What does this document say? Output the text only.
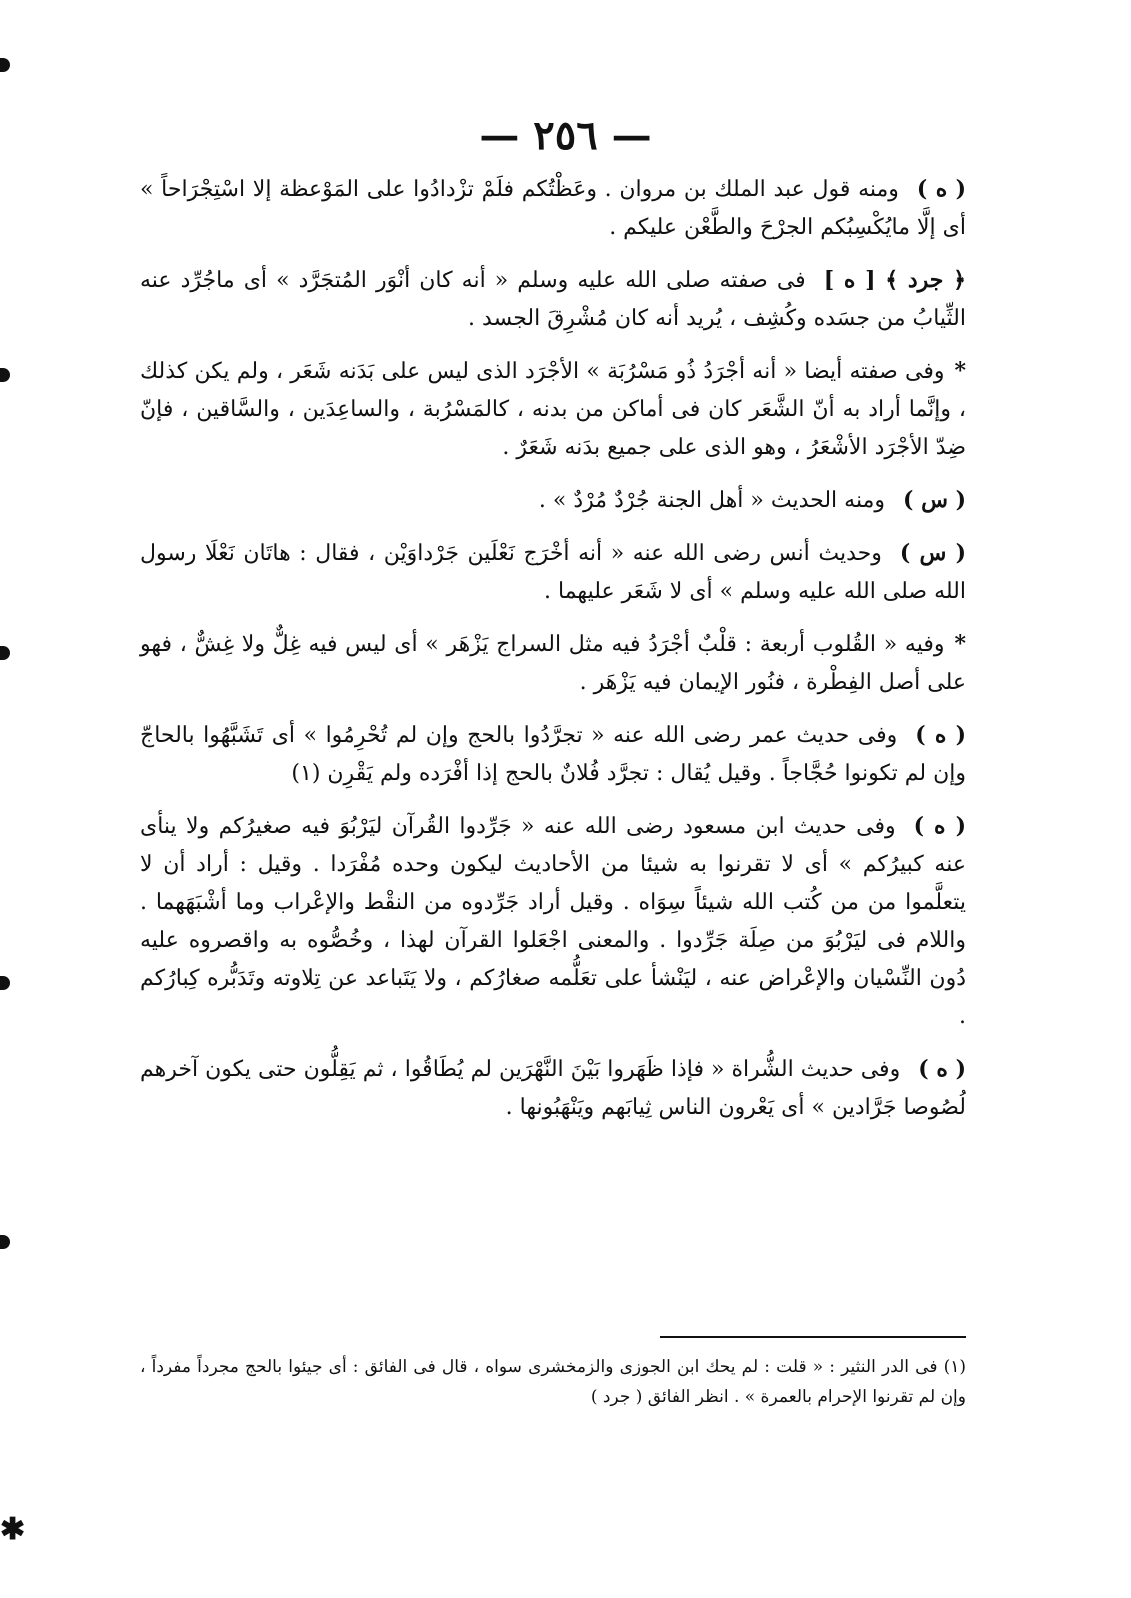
— ٢٥٦ —

( ه )ومنه قول عبد الملك بن مروان . وعَظْتُكم فلَمْ تزْدادُوا على المَوْعظة إلا اسْتِجْرَاحاً » أى إلَّا مايُكْسِبُكم الجرْحَ والطَّعْن عليكم .

﴿ جرد ﴾ [ ه ]فى صفته صلى الله عليه وسلم « أنه كان أنْوَر المُتجَرَّد » أى ماجُرِّد عنه الثِّيابُ من جسَده وكُشِف ، يُريد أنه كان مُشْرِقَ الجسد .

*وفى صفته أيضا « أنه أجْرَدُ ذُو مَسْرُبَة » الأجْرَد الذى ليس على بَدَنه شَعَر ، ولم يكن كذلك ، وإنَّما أراد به أنّ الشَّعَر كان فى أماكن من بدنه ، كالمَسْرُبة ، والساعِدَين ، والسَّاقين ، فإنّ ضِدّ الأجْرَد الأشْعَرُ ، وهو الذى على جميع بدَنه شَعَرٌ .

( س )ومنه الحديث « أهل الجنة جُرْدٌ مُرْدٌ » .

( س )وحديث أنس رضى الله عنه « أنه أخْرَج نَعْلَين جَرْداوَيْن ، فقال : هاتَان نَعْلَا رسول الله صلى الله عليه وسلم » أى لا شَعَر عليهما .

*وفيه « القُلوب أربعة : قلْبٌ أجْرَدُ فيه مثل السراج يَزْهَر » أى ليس فيه غِلٌّ ولا غِشٌّ ، فهو على أصل الفِطْرة ، فنُور الإيمان فيه يَزْهَر .

( ه )وفى حديث عمر رضى الله عنه « تجرَّدُوا بالحج وإن لم تُحْرِمُوا » أى تَشَبَّهُوا بالحاجّ وإن لم تكونوا حُجَّاجاً . وقيل يُقال : تجرَّد فُلانٌ بالحج إذا أفْرَده ولم يَقْرِن (١)

( ه )وفى حديث ابن مسعود رضى الله عنه « جَرِّدوا القُرآن ليَرْبُوَ فيه صغيرُكم ولا ينأى عنه كبيرُكم » أى لا تقرنوا به شيئا من الأحاديث ليكون وحده مُفْرَدا . وقيل : أراد أن لا يتعلَّموا من من كُتب الله شيئاً سِوَاه . وقيل أراد جَرِّدوه من النقْط والإعْراب وما أشْبَهَهما . واللام فى ليَرْبُوَ من صِلَة جَرِّدوا . والمعنى اجْعَلوا القرآن لهذا ، وخُصُّوه به واقصروه عليه دُون النِّسْيان والإعْراض عنه ، ليَنْشأ على تعَلُّمه صغارُكم ، ولا يَتَباعد عن تِلاوته وتَدَبُّره كِبارُكم .

( ه )وفى حديث الشُّراة « فإذا ظَهَروا بَيْنَ النَّهْرَين لم يُطَاقُوا ، ثم يَقِلُّون حتى يكون آخرهم لُصُوصا جَرَّادين » أى يَعْرون الناس ثِيابَهم ويَنْهَبُونها .

(١) فى الدر النثير : « قلت : لم يحك ابن الجوزى والزمخشرى سواه ، قال فى الفائق : أى جيئوا بالحج مجرداً مفرداً ، وإن لم تقرنوا الإحرام بالعمرة » . انظر الفائق ( جرد )

✱
